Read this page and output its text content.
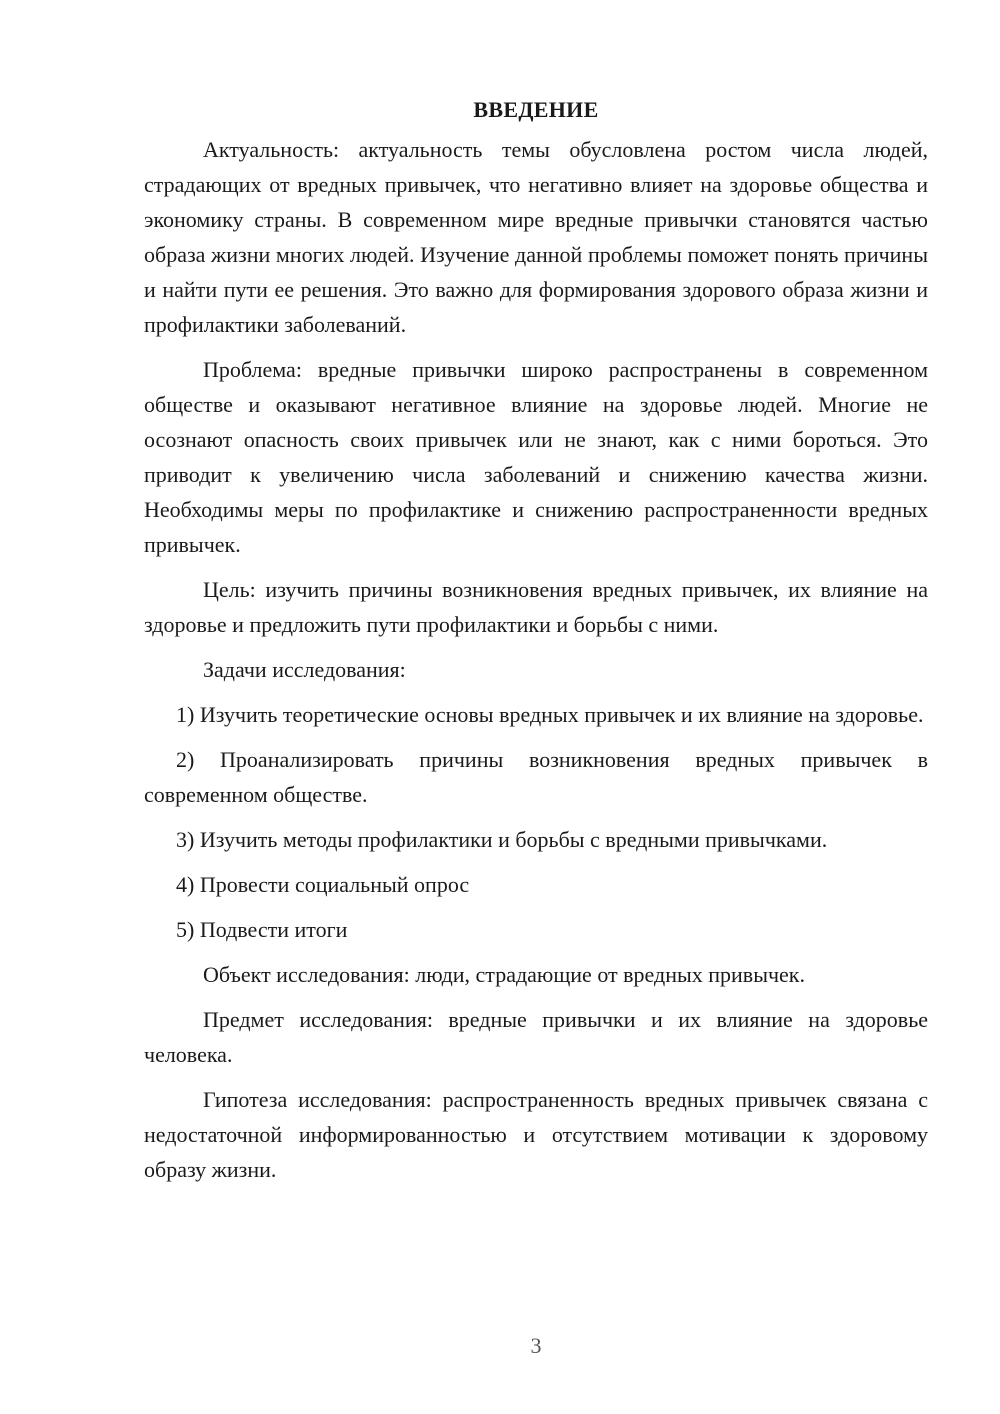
ВВЕДЕНИЕ

Актуальность: актуальность темы обусловлена ростом числа людей, страдающих от вредных привычек, что негативно влияет на здоровье общества и экономику страны. В современном мире вредные привычки становятся частью образа жизни многих людей. Изучение данной проблемы поможет понять причины и найти пути ее решения. Это важно для формирования здорового образа жизни и профилактики заболеваний.

Проблема: вредные привычки широко распространены в современном обществе и оказывают негативное влияние на здоровье людей. Многие не осознают опасность своих привычек или не знают, как с ними бороться. Это приводит к увеличению числа заболеваний и снижению качества жизни. Необходимы меры по профилактике и снижению распространенности вредных привычек.

Цель: изучить причины возникновения вредных привычек, их влияние на здоровье и предложить пути профилактики и борьбы с ними.

Задачи исследования:

1) Изучить теоретические основы вредных привычек и их влияние на здоровье.

2) Проанализировать причины возникновения вредных привычек в современном обществе.

3) Изучить методы профилактики и борьбы с вредными привычками.

4) Провести социальный опрос

5) Подвести итоги

Объект исследования: люди, страдающие от вредных привычек.

Предмет исследования: вредные привычки и их влияние на здоровье человека.

Гипотеза исследования: распространенность вредных привычек связана с недостаточной информированностью и отсутствием мотивации к здоровому образу жизни.

3
